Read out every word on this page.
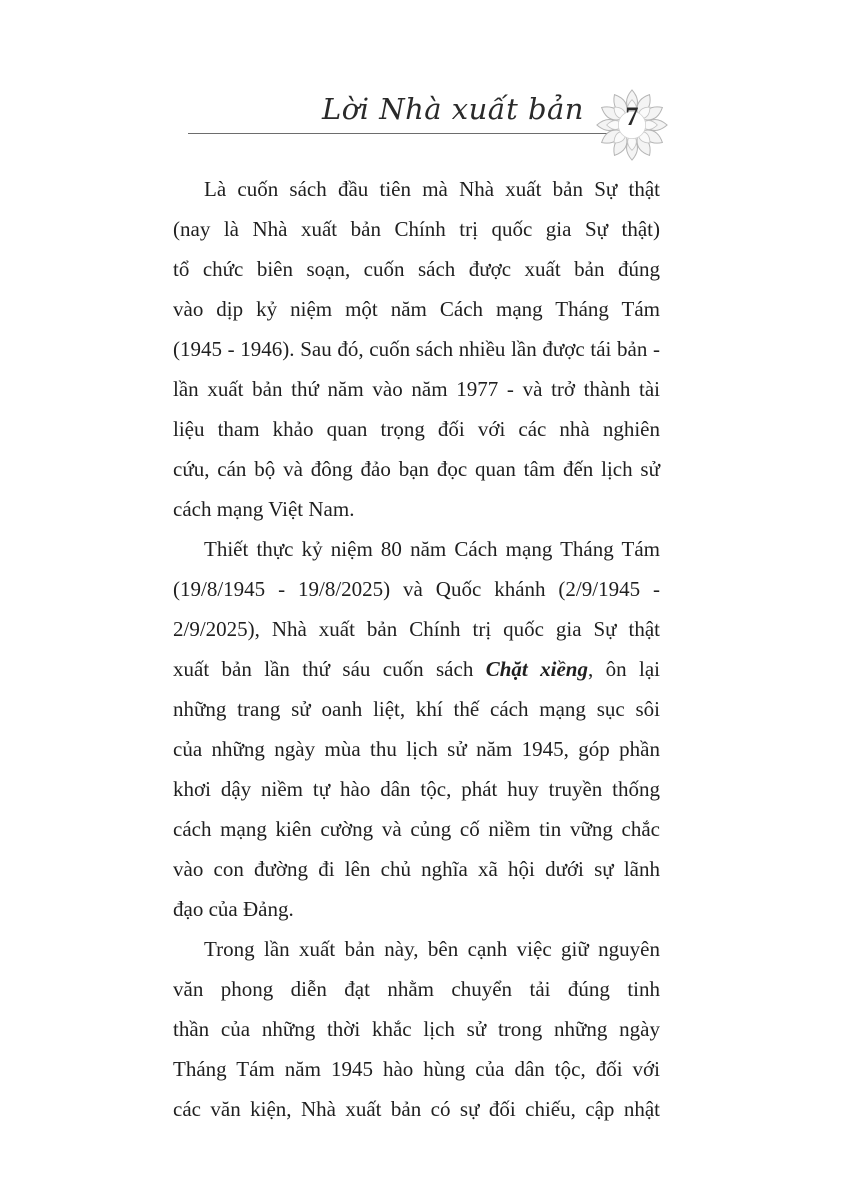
Lời Nhà xuất bản	7
Là cuốn sách đầu tiên mà Nhà xuất bản Sự thật
(nay là Nhà xuất bản Chính trị quốc gia Sự thật)
tổ chức biên soạn, cuốn sách được xuất bản đúng
vào dịp kỷ niệm một năm Cách mạng Tháng Tám
(1945 - 1946). Sau đó, cuốn sách nhiều lần được tái bản -
lần xuất bản thứ năm vào năm 1977 - và trở thành tài
liệu tham khảo quan trọng đối với các nhà nghiên
cứu, cán bộ và đông đảo bạn đọc quan tâm đến lịch sử
cách mạng Việt Nam.
Thiết thực kỷ niệm 80 năm Cách mạng Tháng Tám
(19/8/1945 - 19/8/2025) và Quốc khánh (2/9/1945 -
2/9/2025), Nhà xuất bản Chính trị quốc gia Sự thật
xuất bản lần thứ sáu cuốn sách Chặt xiềng, ôn lại
những trang sử oanh liệt, khí thế cách mạng sục sôi
của những ngày mùa thu lịch sử năm 1945, góp phần
khơi dậy niềm tự hào dân tộc, phát huy truyền thống
cách mạng kiên cường và củng cố niềm tin vững chắc
vào con đường đi lên chủ nghĩa xã hội dưới sự lãnh
đạo của Đảng.
Trong lần xuất bản này, bên cạnh việc giữ nguyên
văn phong diễn đạt nhằm chuyển tải đúng tinh
thần của những thời khắc lịch sử trong những ngày
Tháng Tám năm 1945 hào hùng của dân tộc, đối với
các văn kiện, Nhà xuất bản có sự đối chiếu, cập nhật
